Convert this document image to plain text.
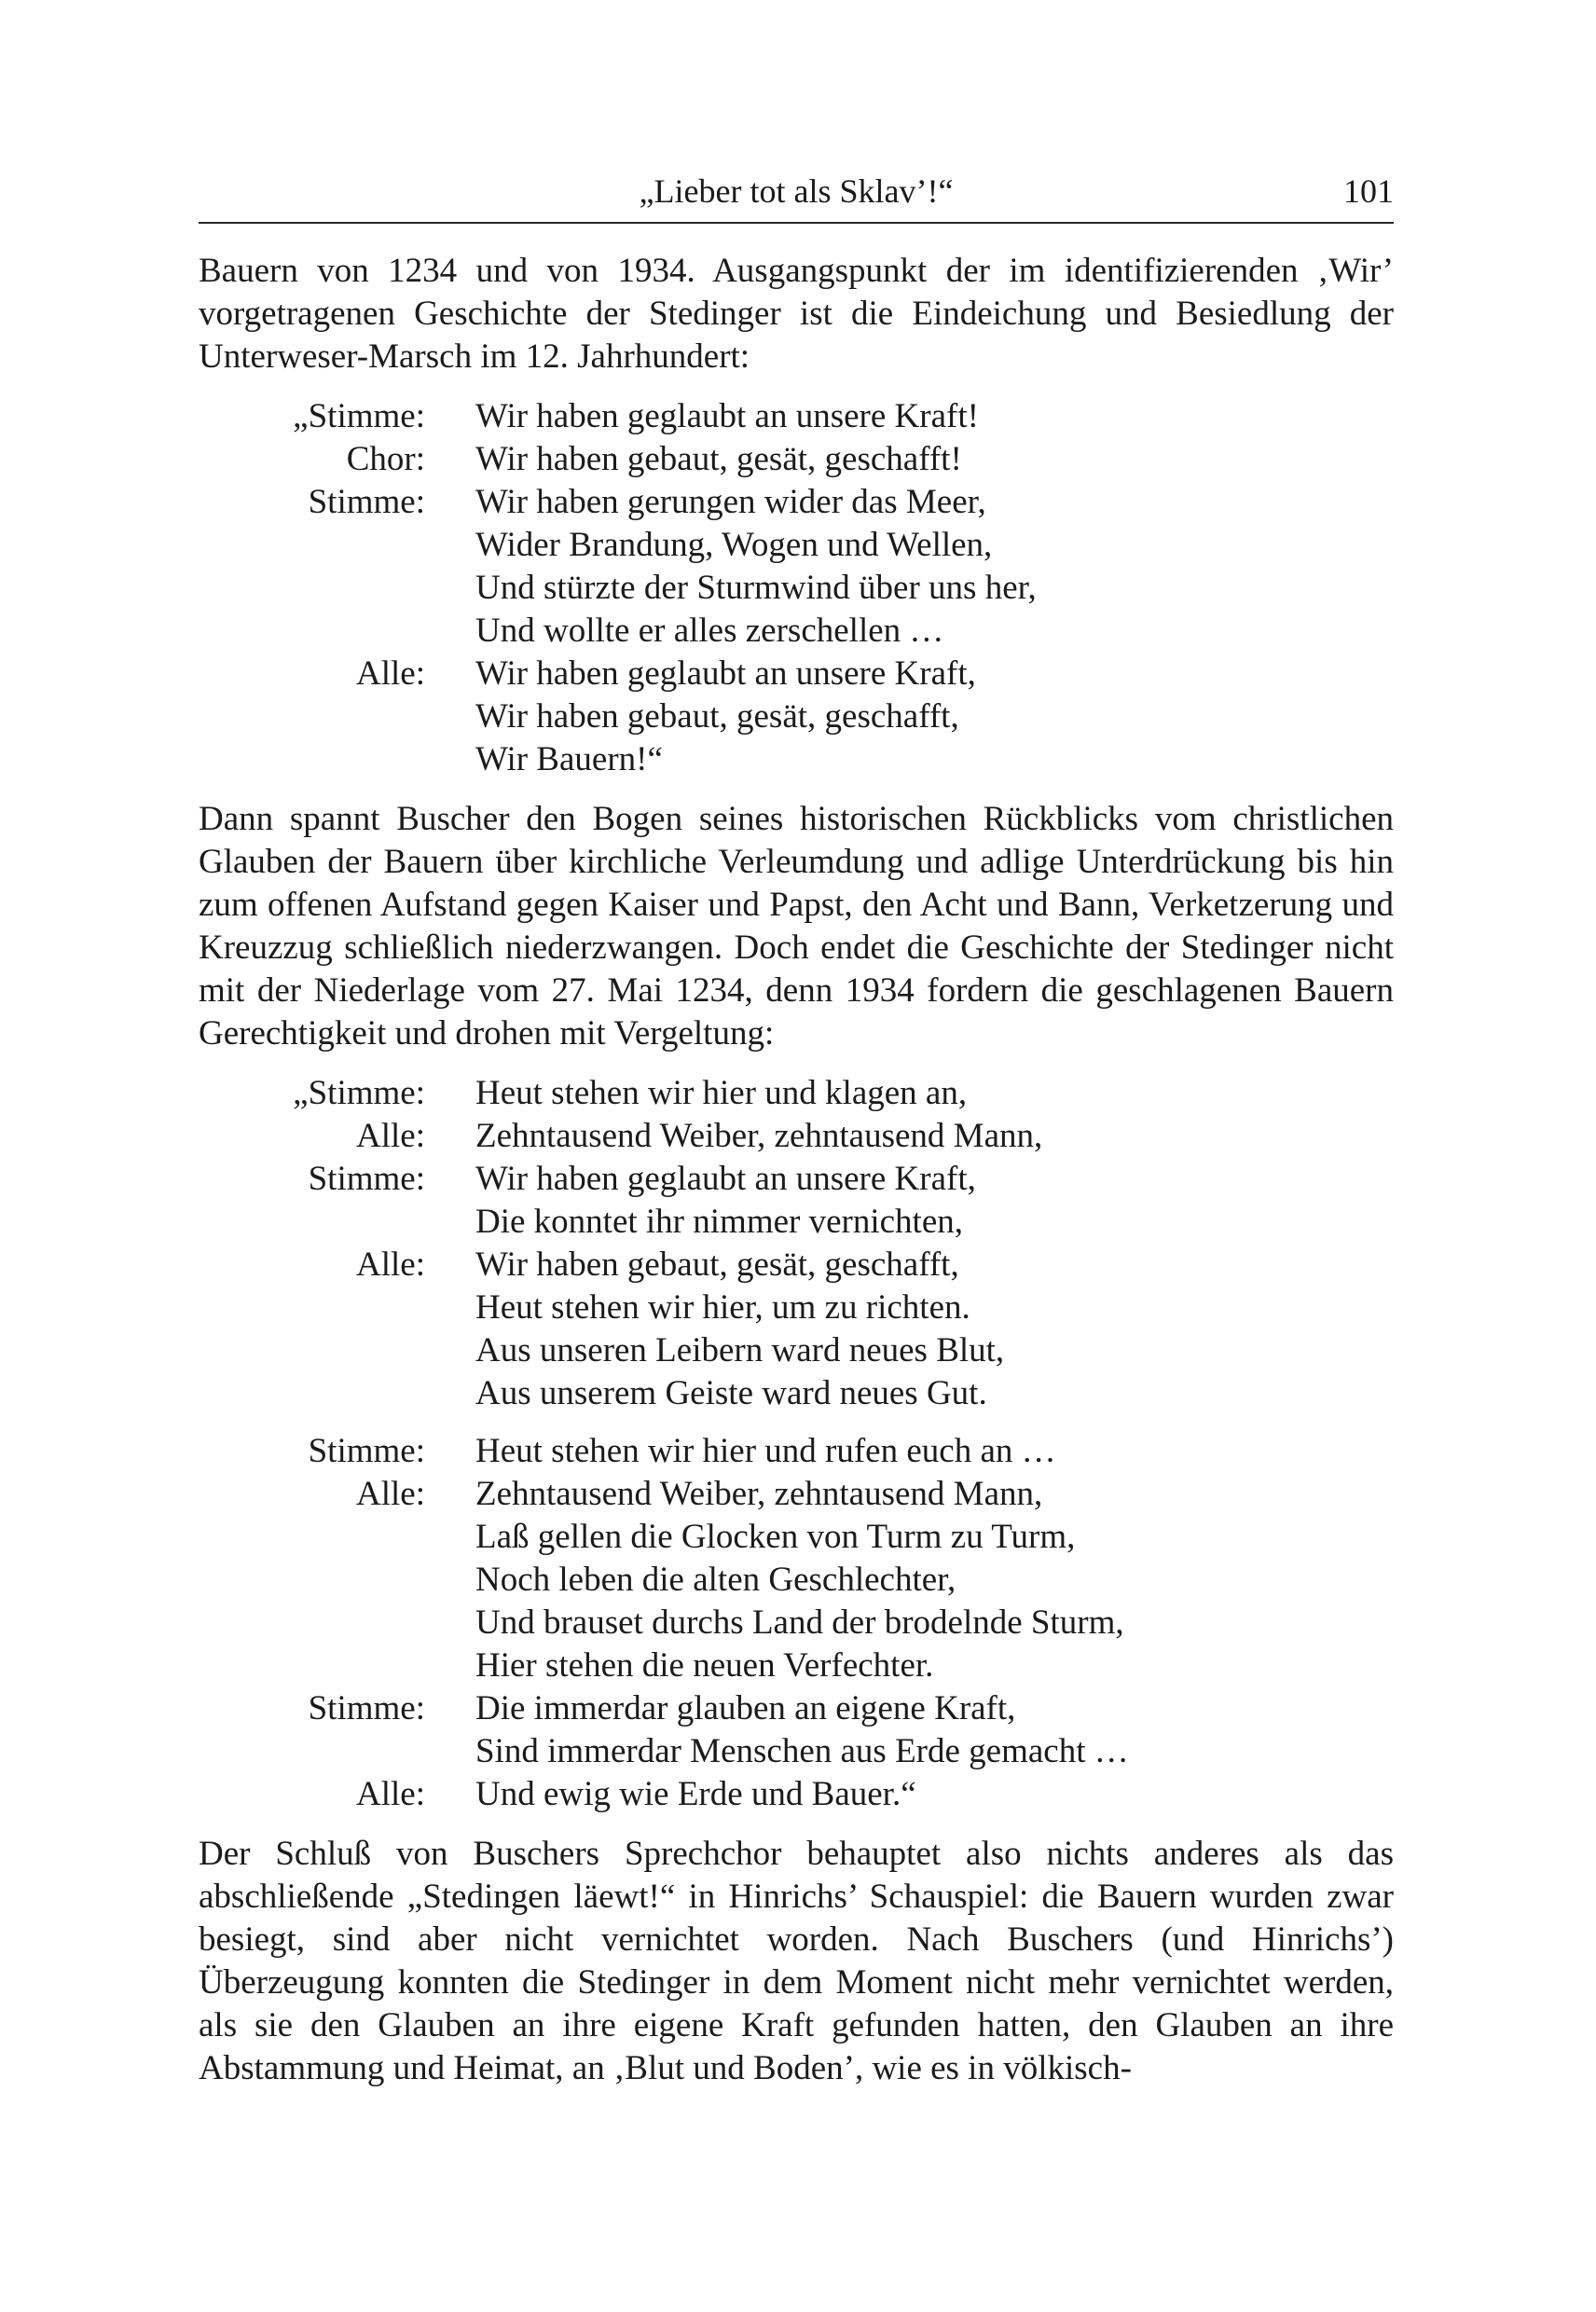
„Lieber tot als Sklav’!“	101

Bauern von 1234 und von 1934. Ausgangspunkt der im identifizierenden ‚Wir’ vorgetragenen Geschichte der Stedinger ist die Eindeichung und Besiedlung der Unterweser-Marsch im 12. Jahrhundert:

„Stimme:	Wir haben geglaubt an unsere Kraft!
Chor:	Wir haben gebaut, gesät, geschafft!
Stimme:	Wir haben gerungen wider das Meer,
Wider Brandung, Wogen und Wellen,
Und stürzte der Sturmwind über uns her,
Und wollte er alles zerschellen …
Alle:	Wir haben geglaubt an unsere Kraft,
Wir haben gebaut, gesät, geschafft,
Wir Bauern!“

Dann spannt Buscher den Bogen seines historischen Rückblicks vom christlichen Glauben der Bauern über kirchliche Verleumdung und adlige Unterdrückung bis hin zum offenen Aufstand gegen Kaiser und Papst, den Acht und Bann, Verketzerung und Kreuzzug schließlich niederzwangen. Doch endet die Geschichte der Stedinger nicht mit der Niederlage vom 27. Mai 1234, denn 1934 fordern die geschlagenen Bauern Gerechtigkeit und drohen mit Vergeltung:

„Stimme:	Heut stehen wir hier und klagen an,
Alle:	Zehntausend Weiber, zehntausend Mann,
Stimme:	Wir haben geglaubt an unsere Kraft,
Die konntet ihr nimmer vernichten,
Alle:	Wir haben gebaut, gesät, geschafft,
Heut stehen wir hier, um zu richten.
Aus unseren Leibern ward neues Blut,
Aus unserem Geiste ward neues Gut.
Stimme:	Heut stehen wir hier und rufen euch an …
Alle:	Zehntausend Weiber, zehntausend Mann,
Laß gellen die Glocken von Turm zu Turm,
Noch leben die alten Geschlechter,
Und brauset durchs Land der brodelnde Sturm,
Hier stehen die neuen Verfechter.
Stimme:	Die immerdar glauben an eigene Kraft,
Sind immerdar Menschen aus Erde gemacht …
Alle:	Und ewig wie Erde und Bauer.“

Der Schluß von Buschers Sprechchor behauptet also nichts anderes als das abschließende „Stedingen läewt!“ in Hinrichs’ Schauspiel: die Bauern wurden zwar besiegt, sind aber nicht vernichtet worden. Nach Buschers (und Hinrichs’) Überzeugung konnten die Stedinger in dem Moment nicht mehr vernichtet werden, als sie den Glauben an ihre eigene Kraft gefunden hatten, den Glauben an ihre Abstammung und Heimat, an ‚Blut und Boden’, wie es in völkisch-
